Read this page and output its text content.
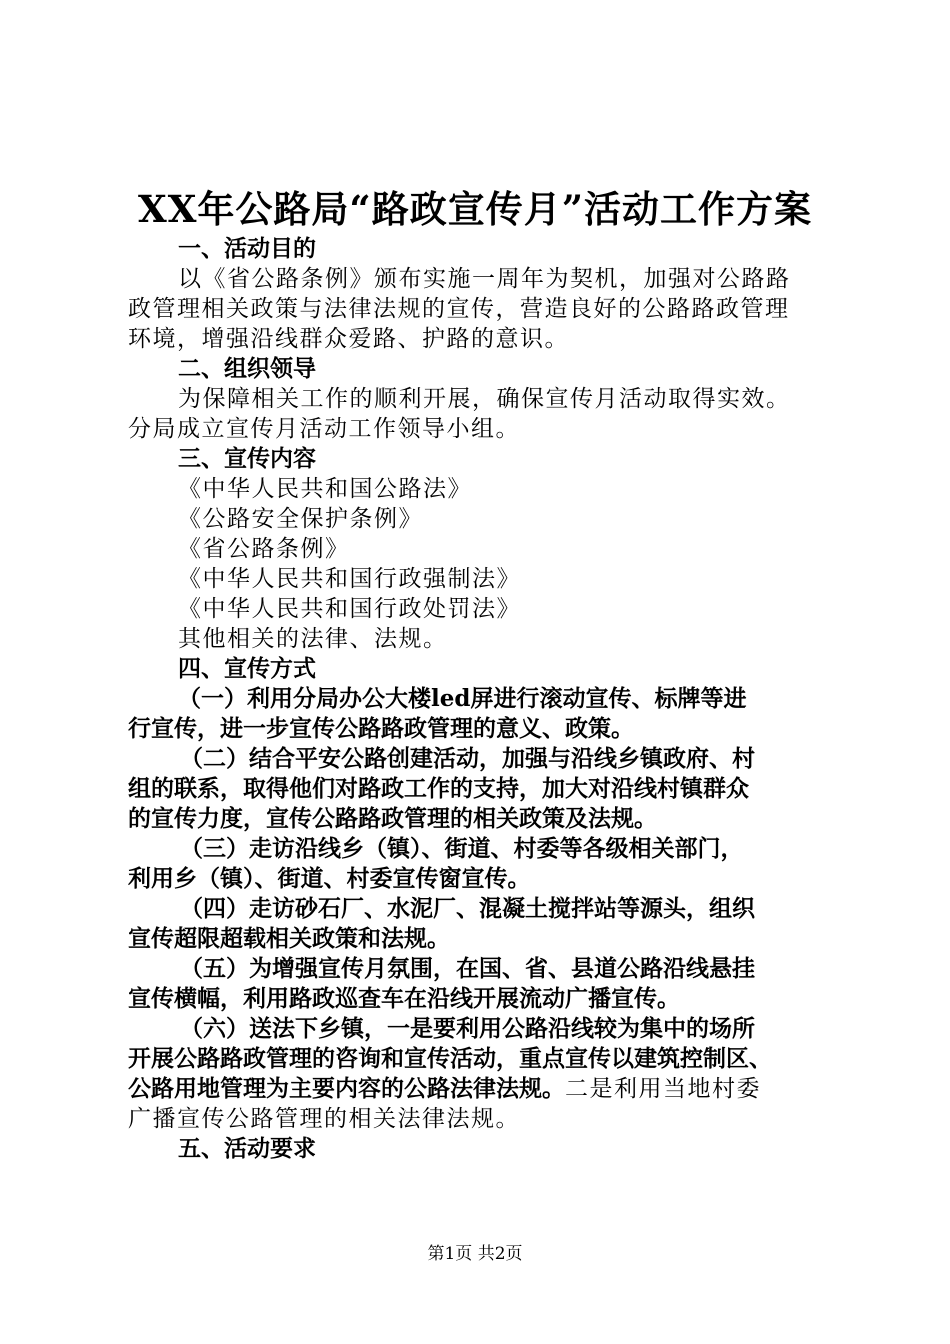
XX年公路局“路政宣传月”活动工作方案
一、活动目的
以《省公路条例》颁布实施一周年为契机，加强对公路路
政管理相关政策与法律法规的宣传，营造良好的公路路政管理
环境，增强沿线群众爱路、护路的意识。
二、组织领导
为保障相关工作的顺利开展，确保宣传月活动取得实效。
分局成立宣传月活动工作领导小组。
三、宣传内容
《中华人民共和国公路法》
《公路安全保护条例》
《省公路条例》
《中华人民共和国行政强制法》
《中华人民共和国行政处罚法》
其他相关的法律、法规。
四、宣传方式
（一）利用分局办公大楼led屏进行滚动宣传、标牌等进
行宣传，进一步宣传公路路政管理的意义、政策。
（二）结合平安公路创建活动，加强与沿线乡镇政府、村
组的联系，取得他们对路政工作的支持，加大对沿线村镇群众
的宣传力度，宣传公路路政管理的相关政策及法规。
（三）走访沿线乡（镇）、街道、村委等各级相关部门，
利用乡（镇）、街道、村委宣传窗宣传。
（四）走访砂石厂、水泥厂、混凝土搅拌站等源头，组织
宣传超限超载相关政策和法规。
（五）为增强宣传月氛围，在国、省、县道公路沿线悬挂
宣传横幅，利用路政巡查车在沿线开展流动广播宣传。
（六）送法下乡镇，一是要利用公路沿线较为集中的场所
开展公路路政管理的咨询和宣传活动，重点宣传以建筑控制区、
公路用地管理为主要内容的公路法律法规。二是利用当地村委
广播宣传公路管理的相关法律法规。
五、活动要求
第1页 共2页
